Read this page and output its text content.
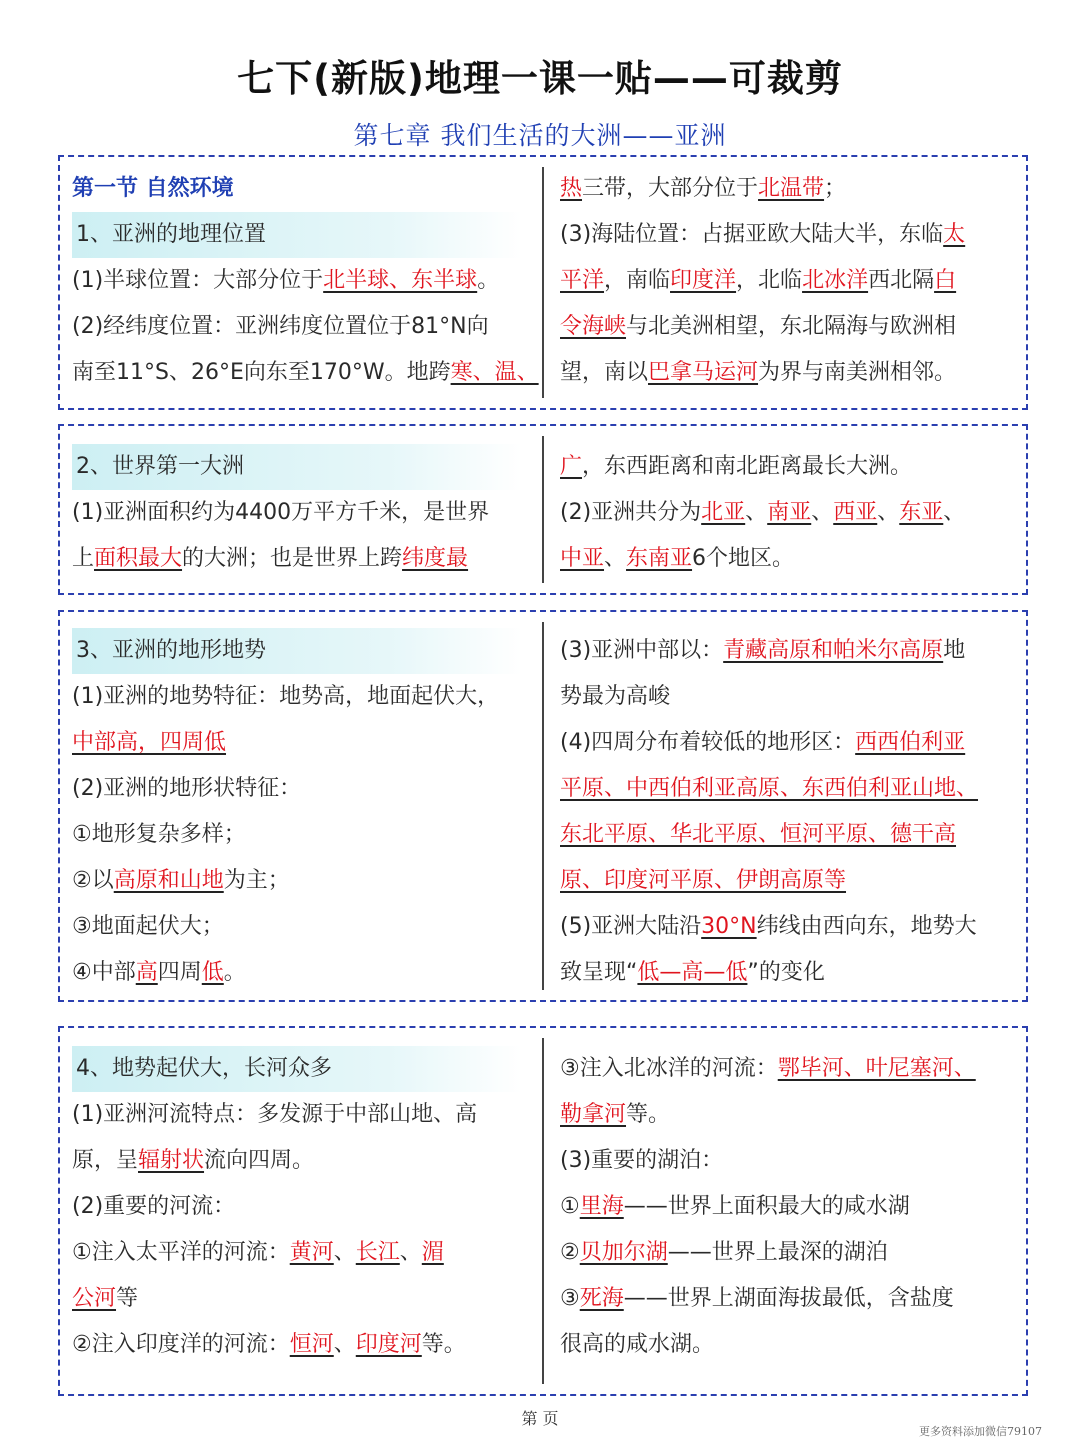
七下(新版)地理一课一贴——可裁剪
第七章 我们生活的大洲——亚洲
第一节 自然环境
1、亚洲的地理位置
(1)半球位置：大部分位于北半球、东半球。
(2)经纬度位置：亚洲纬度位置位于81°N向
南至11°S、26°E向东至170°W。地跨寒、温、
热三带，大部分位于北温带；
(3)海陆位置：占据亚欧大陆大半，东临太
平洋，南临印度洋，北临北冰洋西北隔白
令海峡与北美洲相望，东北隔海与欧洲相
望，南以巴拿马运河为界与南美洲相邻。
2、世界第一大洲
(1)亚洲面积约为4400万平方千米，是世界
上面积最大的大洲；也是世界上跨纬度最
广，东西距离和南北距离最长大洲。
(2)亚洲共分为北亚、南亚、西亚、东亚、
中亚、东南亚6个地区。
3、亚洲的地形地势
(1)亚洲的地势特征：地势高，地面起伏大，
中部高，四周低
(2)亚洲的地形状特征：
①地形复杂多样；
②以高原和山地为主；
③地面起伏大；
④中部高四周低。
(3)亚洲中部以：青藏高原和帕米尔高原地
势最为高峻
(4)四周分布着较低的地形区：西西伯利亚
平原、中西伯利亚高原、东西伯利亚山地、
东北平原、华北平原、恒河平原、德干高
原、印度河平原、伊朗高原等
(5)亚洲大陆沿30°N纬线由西向东，地势大
致呈现“低—高—低”的变化
4、地势起伏大，长河众多
(1)亚洲河流特点：多发源于中部山地、高
原，呈辐射状流向四周。
(2)重要的河流：
①注入太平洋的河流：黄河、长江、湄
公河等
②注入印度洋的河流：恒河、印度河等。
③注入北冰洋的河流：鄂毕河、叶尼塞河、
勒拿河等。
(3)重要的湖泊：
①里海——世界上面积最大的咸水湖
②贝加尔湖——世界上最深的湖泊
③死海——世界上湖面海拔最低，含盐度
很高的咸水湖。
第 页
更多资料添加微信79107
